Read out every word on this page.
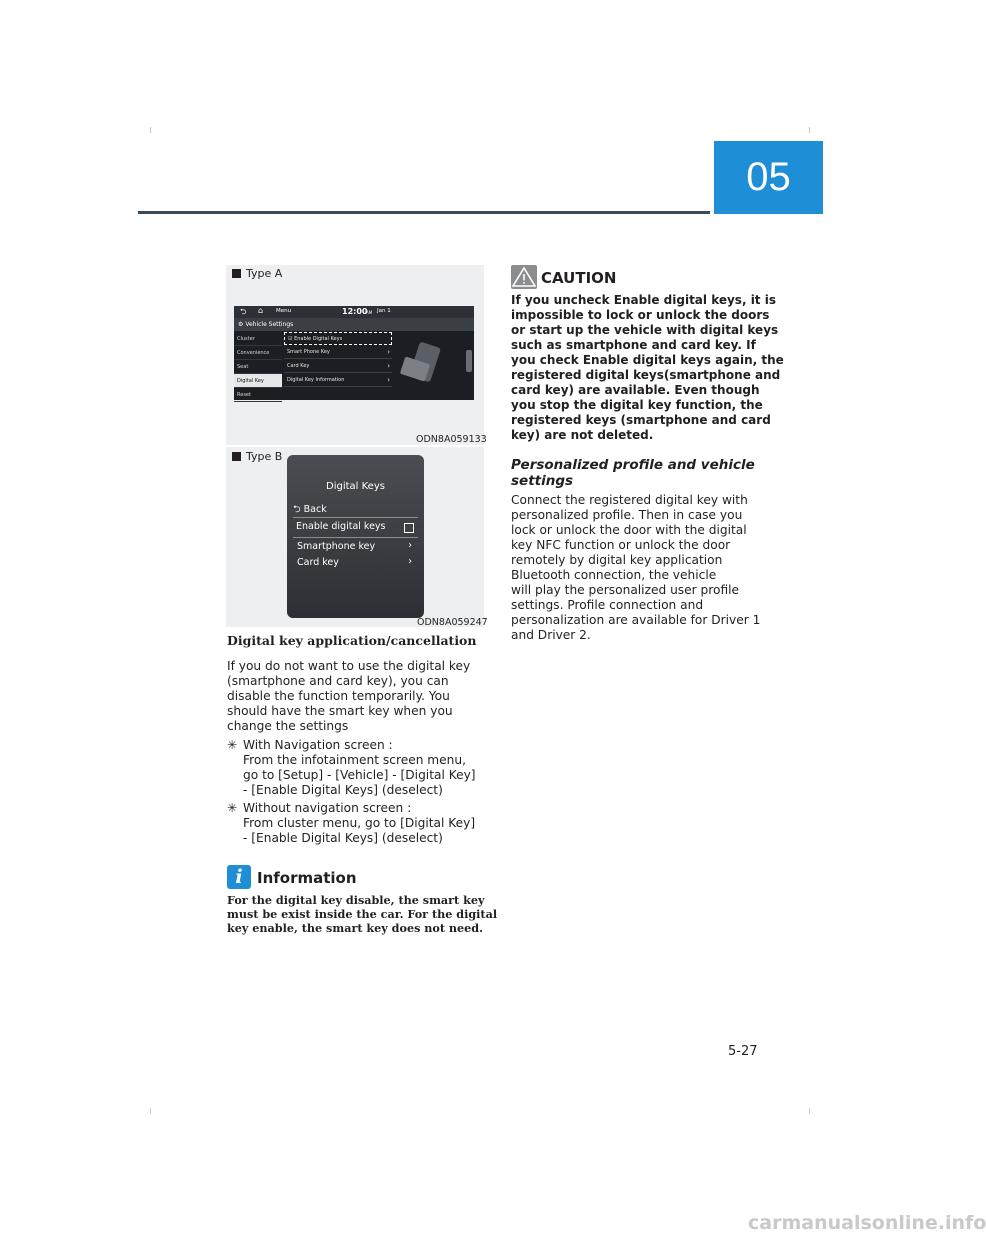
05
Type A
⮌ ⌂ Menu	12:00
AM Jan 1
⚙ Vehicle Settings
Cluster
Convenience
Seat
Digital Key
Reset
☑ Enable Digital Keys
Smart Phone Key	›
Card Key	›
Digital Key Information	›
ODN8A059133
Type B
Digital Keys
⮌ Back
Enable digital keys
Smartphone key	›
Card key	›
ODN8A059247
Digital key application/cancellation
If you do not want to use the digital key
(smartphone and card key), you can
disable the function temporarily. You
should have the smart key when you
change the settings
✳ With Navigation screen :
From the infotainment screen menu,
go to [Setup] - [Vehicle] - [Digital Key]
- [Enable Digital Keys] (deselect)
✳ Without navigation screen :
From cluster menu, go to [Digital Key]
- [Enable Digital Keys] (deselect)
i Information
For the digital key disable, the smart key
must be exist inside the car. For the digital
key enable, the smart key does not need.
CAUTION
If you uncheck Enable digital keys, it is
impossible to lock or unlock the doors
or start up the vehicle with digital keys
such as smartphone and card key. If
you check Enable digital keys again, the
registered digital keys(smartphone and
card key) are available. Even though
you stop the digital key function, the
registered keys (smartphone and card
key) are not deleted.
Personalized profile and vehicle
settings
Connect the registered digital key with
personalized profile. Then in case you
lock or unlock the door with the digital
key NFC function or unlock the door
remotely by digital key application
Bluetooth connection, the vehicle
will play the personalized user profile
settings. Profile connection and
personalization are available for Driver 1
and Driver 2.
5-27
carmanualsonline.info
